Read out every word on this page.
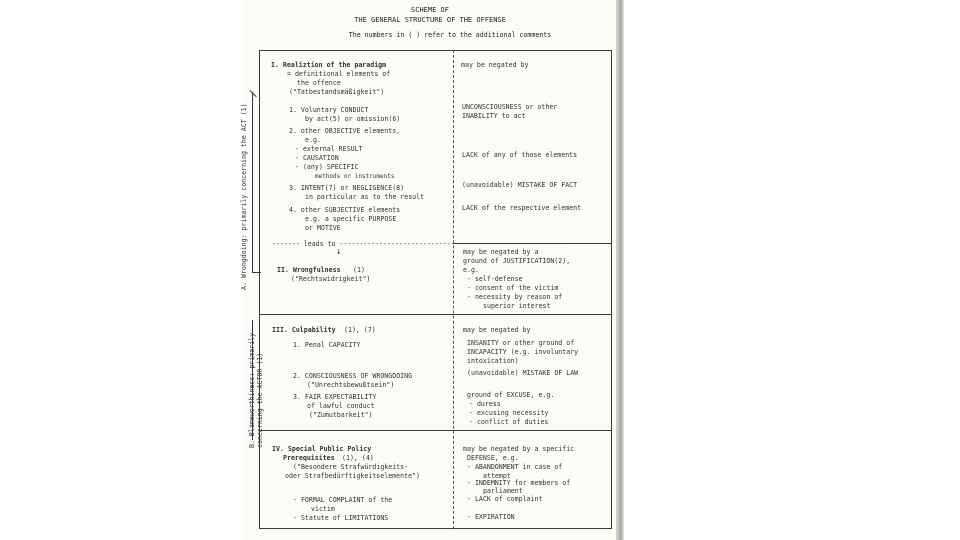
SCHEME OF
THE GENERAL STRUCTURE OF THE OFFENSE
The numbers in ( ) refer to the additional comments
A. Wrongdoing: primarily concerning the ACT (1)
B. Blameworthiness: primarily concerning the ACTOR (1)
I. Realiztion of the paradigm
= definitional elements of
the offence
("Tatbestandsmäßigkeit")
may be negated by
1. Voluntary CONDUCT
by act(5) or omission(6)
2. other OBJECTIVE elements,
e.g.
- external RESULT
- CAUSATION
- (any) SPECIFIC
methods or instruments
3. INTENT(7) or NEGLIGENCE(8)
in particular as to the result
4. other SUBJECTIVE elements
e.g. a specific PURPOSE
or MOTIVE
UNCONSCIOUSNESS or other
INABILITY to act
LACK of any of those elements
(unavoidable) MISTAKE OF FACT
LACK of the respective element
------- leads to ---------------------------------------------------------
↓
II. Wrongfulness (1)
("Rechtswidrigkeit")
may be negated by a
ground of JUSTIFICATION(2),
e.g.
- self-defense
- consent of the victim
- necessity by reason of
superior interest
III. Culpability (1), (7)
1. Penal CAPACITY
2. CONSCIOUSNESS OF WRONGDOING
("Unrechtsbewußtsein")
3. FAIR EXPECTABILITY
of lawful conduct
("Zumutbarkeit")
may be negated by
INSANITY or other ground of
INCAPACITY (e.g. involuntary
intoxication)
(unavoidable) MISTAKE OF LAW
ground of EXCUSE, e.g.
- duress
- excusing necessity
- conflict of duties
IV. Special Public Policy
Prerequisites (1), (4)
("Besondere Strafwürdigkeits-
oder Strafbedürftigkeitselemente")
- FORMAL COMPLAINT of the
victim
- Statute of LIMITATIONS
may be negated by a specific
DEFENSE, e.g.
- ABANDONMENT in case of
attempt
- INDEMNITY for members of
parliament
- LACK of complaint
- EXPIRATION
